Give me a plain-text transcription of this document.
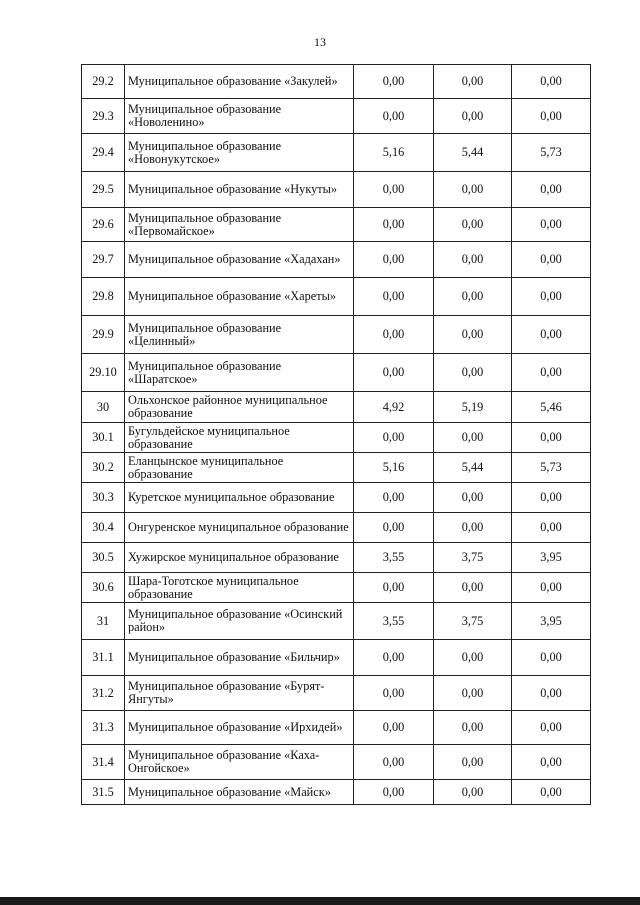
13
29.2	Муниципальное образование «Закулей»	0,00	0,00	0,00
29.3	Муниципальное образование «Новоленино»	0,00	0,00	0,00
29.4	Муниципальное образование «Новонукутское»	5,16	5,44	5,73
29.5	Муниципальное образование «Нукуты»	0,00	0,00	0,00
29.6	Муниципальное образование «Первомайское»	0,00	0,00	0,00
29.7	Муниципальное образование «Хадахан»	0,00	0,00	0,00
29.8	Муниципальное образование «Хареты»	0,00	0,00	0,00
29.9	Муниципальное образование «Целинный»	0,00	0,00	0,00
29.10	Муниципальное образование «Шаратское»	0,00	0,00	0,00
30	Ольхонское районное муниципальное образование	4,92	5,19	5,46
30.1	Бугульдейское муниципальное образование	0,00	0,00	0,00
30.2	Еланцынское муниципальное образование	5,16	5,44	5,73
30.3	Куретское муниципальное образование	0,00	0,00	0,00
30.4	Онгуренское муниципальное образование	0,00	0,00	0,00
30.5	Хужирское муниципальное образование	3,55	3,75	3,95
30.6	Шара-Тоготское муниципальное образование	0,00	0,00	0,00
31	Муниципальное образование «Осинский район»	3,55	3,75	3,95
31.1	Муниципальное образование «Бильчир»	0,00	0,00	0,00
31.2	Муниципальное образование «Бурят-Янгуты»	0,00	0,00	0,00
31.3	Муниципальное образование «Ирхидей»	0,00	0,00	0,00
31.4	Муниципальное образование «Каха-Онгойское»	0,00	0,00	0,00
31.5	Муниципальное образование «Майск»	0,00	0,00	0,00
